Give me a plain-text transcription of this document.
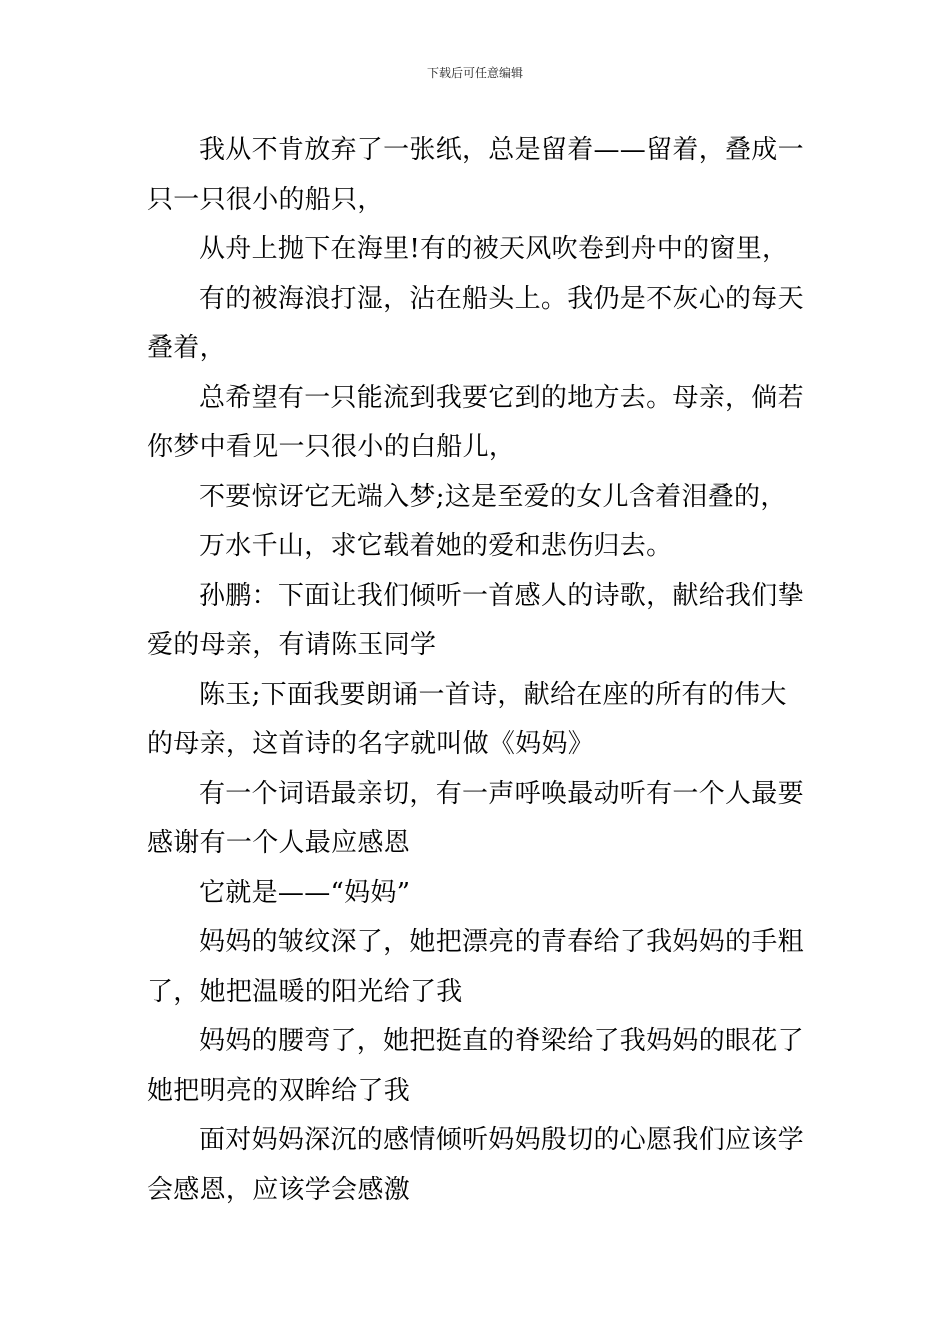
下载后可任意编辑

我从不肯放弃了一张纸，总是留着——留着，叠成一只一只很小的船只，

从舟上抛下在海里!有的被天风吹卷到舟中的窗里，

有的被海浪打湿，沾在船头上。我仍是不灰心的每天叠着，

总希望有一只能流到我要它到的地方去。母亲，倘若你梦中看见一只很小的白船儿，

不要惊讶它无端入梦;这是至爱的女儿含着泪叠的，

万水千山，求它载着她的爱和悲伤归去。

孙鹏：下面让我们倾听一首感人的诗歌，献给我们挚爱的母亲，有请陈玉同学

陈玉;下面我要朗诵一首诗，献给在座的所有的伟大的母亲，这首诗的名字就叫做《妈妈》

有一个词语最亲切，有一声呼唤最动听有一个人最要感谢有一个人最应感恩

它就是——“妈妈”

妈妈的皱纹深了，她把漂亮的青春给了我妈妈的手粗了，她把温暖的阳光给了我

妈妈的腰弯了，她把挺直的脊梁给了我妈妈的眼花了她把明亮的双眸给了我

面对妈妈深沉的感情倾听妈妈殷切的心愿我们应该学会感恩，应该学会感激
